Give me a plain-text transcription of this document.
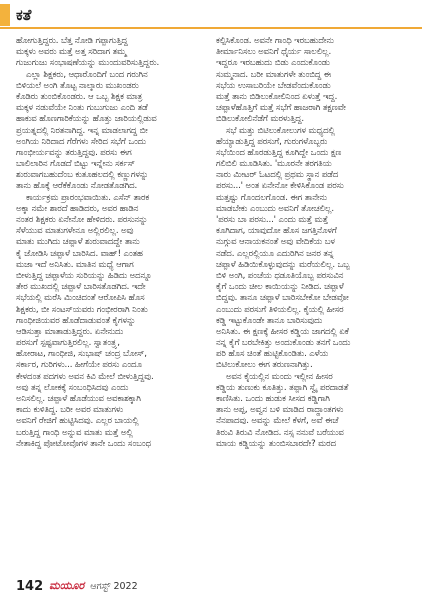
ಕತೆ
ಹೋಗುತ್ತಿದ್ದರು. ಬೆತ್ತ ನೋಡಿ ಗಪ್ಪಾಗುತ್ತಿದ್ದ
ಮಕ್ಕಳು ಅವರು ಮತ್ತೆ ಅತ್ತ ಸರಿದಾಗ ತಮ್ಮ
ಗುಜುಗುಜು ಸಂಭಾಷಣೆಯನ್ನು ಮುಂದುವರಿಸುತ್ತಿದ್ದರು.
ಎಲ್ಲಾ ಶಿಕ್ಷಕರು, ಆಧಾರೊಂದಿಗೆ ಬಂದ ಗರುಗಿನ
ಬಿಳಿಯಲೆ ಅಂಗಿ ತೊಟ್ಟ ನಾಲ್ಕಾರು ಮುಖಂಡರು
ಕೊಡಿರು ತುಂಬಿಕೊಂಡರು. ಆ ಒಬ್ಬ ಶಿಕ್ಷಕ ಮಾತ್ರ
ಮಕ್ಕಳ ನಡುವೆಯೇ ನಿಂತು ಗುಬುಗುಜು ಎಂದಿ ತಡೆ
ಹಾಕುವ ಹೊಣಗಾರಿಕೆಯನ್ನು ಹೊತ್ತು ಜಾರಿಯಲ್ಲಿಡುವ
ಪ್ರಯತ್ನದಲ್ಲಿ ನಿರತನಾಗಿದ್ದ. ಇನ್ನ ಮಾಡಲಾಗದ್ದ ಬೀ
ಅಂಗಿಯ ನಿರಿದಾದ ಗೆರೆಗಳು ಸೇರಿದ ಸಭೆಗೆ ಒಂದು
ಗಾಂಭೀರ್ಯವನ್ನು ತರುತ್ತಿದ್ದವು. ಪರಸು ಈಗ
ಬಾಲಿಲಾರಿನ ಗೊಡದೆ ಬಿಟ್ಟು ಇನ್ನೇನು ಸರ್ಕಸ್
ಶುರುವಾಗಬಹುದೆಂಬ ಕುತೂಹಲದಲ್ಲಿ ಕಣ್ಣುಗಳನ್ನು
ತಾನು ಹೊಕ್ಕೆ ಆರೆಕೆಕೊಂಡು ನೋಡತೊಡಗಿದ.
ಕಾರ್ಯಕ್ರಮ ಪ್ರಾರಂಭವಾಯಿತು. ಎಸೆನ್ ತಾರಕ
ಅಕ್ಕಾ ನಮೇ ಶಾರದೆ ಹಾಡಿದರು, ಅವರ ಹಾಡಿನ
ನಂತರ ಶಿಕ್ಷಕರು ಏನೇನೋ ಹೇಳಿದರು. ಪರಸುನನ್ನು
ಸೆಳೆಯುವ ಮಾತುಗಳೇನೂ ಅಲ್ಲಿರಲಿಲ್ಲ. ಅವು
ಮಾತು ಮುಗಿದು ಚಪ್ಪಾಳೆ ಶುರುವಾದದ್ದೇ ತಾನು
ಕೈ ಜೋಡಿಸಿ ಚಪ್ಪಾಳೆ ಬಾರಿಸಿದ. ವಾಹ್! ಎಂತಹ
ಮಜಾ ಇದೆ ಅನಿಸಿತು. ಮಾತಿನ ಮಧ್ಯೆ ಆಗಾಗ
ಬೀಳುತ್ತಿದ್ದ ಚಪ್ಪಾಳೆಯ ಸುರಿಯನ್ನು ಹಿಡಿದು ಅದನ್ನೂ
ತೇರ ಮುಖದಲ್ಲಿ ಚಪ್ಪಾಳೆ ಬಾರಿಸತೊಡಗಿದ. ಇದೇ
ಸಭೆಯಲ್ಲಿ ಮರೆಸಿ ಮಿಂಚಿದಂತೆ ಆರೋಪಿಸಿ ಹೊಸ
ಶಿಕ್ಷಕರು, ಬೀ ಸಂಟಸ್‌ಯವರು ಗಂಭೀರರಾಗಿ ನಿಂತು
ಗಾಂಧೀಜಿಯವರ ಹೊಡೆದಾಡುವಂತೆ ಕೈಗಳನ್ನು
ಆಡಿಸುತ್ತಾ ಮಾತಾಡುತ್ತಿದ್ದರು. ಏನೇನುದು
ಪರಸುಗೆ ಸ್ಪಷ್ಟವಾಗುತ್ತಿರಲಿಲ್ಲ. ಸ್ವಾತಂತ್ರ್ಯ,
ಹೋರಾಟ, ಗಾಂಧೀಜಿ, ಸುಭಾಷ್ ಚಂದ್ರ ಬೋಸ್,
ಸರ್ಕಾರ, ಗುರಿಗಳು... ಹೀಗೆಯೇ ಪರಸು ಎಂದೂ
ಕೇಳದಂತ ಪದಗಳು ಅವನ ಕಿವಿ ಮೇಲೆ ಬೀಳುತ್ತಿದ್ದವು.
ಅವು ತನ್ನ ಲೋಕಕ್ಕೆ ಸಂಬಂಧಿಸಿದವು ಎಂದು
ಅನಿಸಲಿಲ್ಲ. ಚಪ್ಪಾಳೆ ಹೊಡೆಯುವ ಅವಕಾಶಕ್ಕಾಗಿ
ಕಾದು ಕುಳಿತಿದ್ದ. ಬರೀ ಅವರ ಮಾತುಗಳು
ಅವನಿಗೆ ರೇಜಿಗೆ ಹುಟ್ಟಿಸಿದವು. ಎಲ್ಲರ ಬಾಯಲ್ಲಿ
ಬರುತ್ತಿದ್ದ ಗಾಂಧಿ ಅನ್ನುವ ಮಾತು ಮತ್ತೆ ಅಲ್ಲಿ
ನೇತಾಕಿದ್ದ ಪೋಟೋವೊಗಳ ತಾನೇ ಒಂದು ಸಂಬಂಧ
ಕಲ್ಪಿಸಿಕೊಂಡ. ಅವನೇ ಗಾಂಧಿ ಇರಬಹುದೇನು
ತೀರ್ಮಾನಿಸಲು ಅವನಿಗೆ ಧೈರ್ಯ ಸಾಲಲಿಲ್ಲ.
ಇದ್ದರೂ ಇರಬಹುದು ಬಿಡು ಎಂದುಕೊಂಡು
ಸುಮ್ಮನಾದ. ಬರೀ ಮಾತುಗಳೇ ತುಂಬಿದ್ದ ಈ
ಸಭೆಯ ಉಸಾಬರಿಯೇ ಬೇಡವೆಂದುಕೊಂಡು
ಮತ್ತೆ ತಾನು ಬಿಡಿಲುಕೋಲಿನಿಂದ ಏಳುತ್ತೆ ಇದ್ದ.
ಚಪ್ಪಾಳೆಹೊತ್ತಿಗೆ ಮತ್ತೆ ಸಭೆಗೆ ಹಾಜರಾಗಿ ತಕ್ಷಣವೇ
ಬಿಡಿಲುಕೋಲಿನೆಡೆಗೆ ಮರಳುತ್ತಿದ್ದ.
ಸಭೆ ಮತ್ತು ಬಿಟಿಲುಕೋಲುಗಳ ಮಧ್ಯದಲ್ಲಿ
ಹೆಯ್ಯಾಡುತ್ತಿದ್ದ ಪರಸುಗೆ, ಗುರುಗಳೊಬ್ಬರು
ಸಭೆಯಿಂದ ಹೊರಡುತ್ತಿದ್ದ ಕೂಗಿದ್ದೇ ಒಂದು ಕ್ಷಣ
ಗಲಿಬಿಲಿ ಮೂಡಿಸಿತು. 'ಮೂರನೇ ತರಗತಿಯ
ನಾರು ಮೀಟರ್ ಓಟದಲ್ಲಿ ಪ್ರಥಮ ಸ್ಥಾನ ಪಡೆದ
ಪರಸು...' ಅಂತ ಏನೇನೋ ಕೇಳಿಸಿಕೊಂಡ ಪರಸು
ಮತ್ತಷ್ಟು ಗೊಂದಲಗೊಂಡ. ಈಗ ತಾನೇನು
ಮಾಡಬೇಕು ಎಂಬುದು ಅವನಿಗೆ ತೋಚಲಿಲ್ಲ.
'ಪರಸು ಬಾ ಪರಸು...' ಎಂದು ಮತ್ತೆ ಮತ್ತೆ
ಕೂಗಿದಾಗ, ಯಾವುದೋ ಹೊಸ ಜಗತ್ತಿನೊಳಗೆ
ನುಗ್ಗುವ ಆನಾಯಕನಂತೆ ಅವು ವೇದಿಕೆಯ ಬಳ
ನಡೆದ. ಎಲ್ಲರಲ್ಲಿಯೂ ಎದುರಿಗಿನ ಜನರ ತನ್ನ
ಚಪ್ಪಾಳೆ ಹಿಡಿಯಿಕೊಳ್ಳುವುದನ್ನು ಮರೆಯಲಿಲ್ಲ. ಒಬ್ಬ
ಬಿಳಿ ಅಂಗಿ, ಪಂಚೆಯ ಧಡೂತಿಯೊಬ್ಬ ಪರಸುವಿನ
ಕೈಗೆ ಒಂದು ಚೀಲ ಕಾಯಿಯನ್ನು ನೀಡಿದ. ಚಪ್ಪಾಳೆ
ಬಿದ್ದವು. ತಾನೂ ಚಪ್ಪಾಳೆ ಬಾರಿಸಬೇಕೋ ಬೇಡವೋ
ಎಂಬುದು ಪರಸುಗೆ ತಿಳಿಯಲಿಲ್ಲ. ಕೈಯಲ್ಲಿ ಹೀಸರ
ಕಡ್ಡಿ ಇಟ್ಟುಕೊಂಡೇ ತಾನೂ ಬಾರಿಸುವುದು
ಅನಿಸಿತು. ಈ ಕ್ಷಣಕ್ಕೆ ಹೀಸರ ಕಡ್ಡಿಯ ಜಾಗದಲ್ಲಿ ಏಕೆ
ನನ್ನ ಕೈಗೆ ಬರಬೇಕಿತ್ತು ಅಂದುಕೊಂಡು ತನಗೆ ಒಂದು
ಪರಿ ಹೊಸ ಚಿಂತೆ ಹುಟ್ಟಿಕೊಂಡಿತು. ಎಳೆಯ
ಬಿಟಿಲುಕೋಲು ಈಗ ತರುಣನಾಗಿತ್ತು.
ಅವನ ಕೈಯಲ್ಲಿನ ಮಂದು ಇಲ್ಲೀನ ಹೀಸರ
ಕಡ್ಡಿಯ ತುಣುಕು ಕೂತಿತ್ತು. ತಪ್ಪಾಗಿ ಸ್ವೈ ಪರದಾಡತೆ
ಕಾಣಿಸಿತು. ಒಂದು ಹುಡುಕ ಸೀಸದ ಕಡ್ಡಿಗಾಗಿ
ತಾನು ಅಪ್ಪ, ಅವ್ವನ ಬಳಿ ಮಾಡಿದ ರಾದ್ಧಾಂತಗಳು
ನೆನಪಾದವು. ಅವನ್ನು ಮೇಲೆ ಕೆಳಗೆ, ಅವೆ ಈಚೆ
ತಿರುವಿ ತಿರುವಿ ನೋಡಿದ. ನಸ್ಸ ನನುವೆ ಬರೆಯುವ
ಮಾಯ ಕಡ್ಡಿಯನ್ನು ತುಂಬಿಸಬಾರದೇ? ಮರದ
142 ಮಯೂರ ಆಗಸ್ಟ್ 2022
